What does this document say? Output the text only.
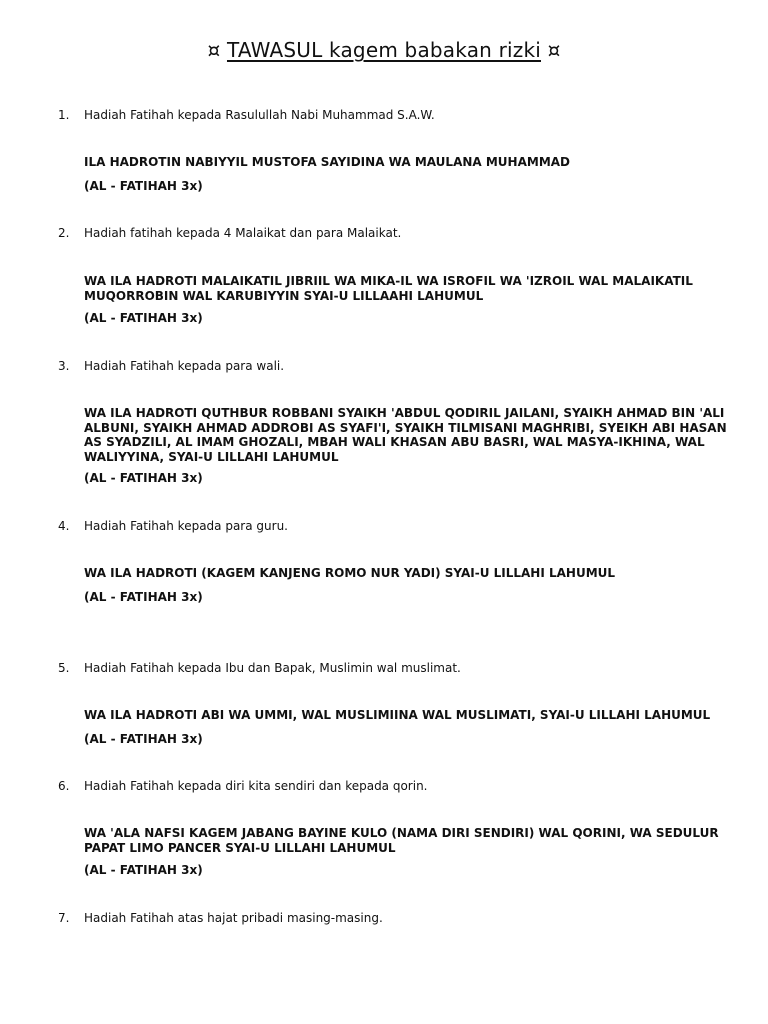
¤ TAWASUL kagem babakan rizki ¤
1. Hadiah Fatihah kepada Rasulullah Nabi Muhammad S.A.W.
ILA HADROTIN NABIYYIL MUSTOFA SAYIDINA WA MAULANA MUHAMMAD
(AL - FATIHAH 3x)
2. Hadiah fatihah kepada 4 Malaikat dan para Malaikat.
WA ILA HADROTI MALAIKATIL JIBRIIL WA MIKA-IL WA ISROFIL WA 'IZROIL WAL MALAIKATIL MUQORROBIN WAL KARUBIYYIN SYAI-U LILLAAHI LAHUMUL
(AL - FATIHAH 3x)
3. Hadiah Fatihah kepada para wali.
WA ILA HADROTI QUTHBUR ROBBANI SYAIKH 'ABDUL QODIRIL JAILANI, SYAIKH AHMAD BIN 'ALI ALBUNI, SYAIKH AHMAD ADDROBI AS SYAFI'I, SYAIKH TILMISANI MAGHRIBI, SYEIKH ABI HASAN AS SYADZILI, AL IMAM GHOZALI, MBAH WALI KHASAN ABU BASRI, WAL MASYA-IKHINA, WAL WALIYYINA, SYAI-U LILLAHI LAHUMUL
(AL - FATIHAH 3x)
4. Hadiah Fatihah kepada para guru.
WA ILA HADROTI (KAGEM KANJENG ROMO NUR YADI) SYAI-U LILLAHI LAHUMUL
(AL - FATIHAH 3x)
5. Hadiah Fatihah kepada Ibu dan Bapak, Muslimin wal muslimat.
WA ILA HADROTI ABI WA UMMI, WAL MUSLIMIINA WAL MUSLIMATI, SYAI-U LILLAHI LAHUMUL
(AL - FATIHAH 3x)
6. Hadiah Fatihah kepada diri kita sendiri dan kepada qorin.
WA 'ALA NAFSI KAGEM JABANG BAYINE KULO (NAMA DIRI SENDIRI) WAL QORINI, WA SEDULUR PAPAT LIMO PANCER SYAI-U LILLAHI LAHUMUL
(AL - FATIHAH 3x)
7. Hadiah Fatihah atas hajat pribadi masing-masing.
